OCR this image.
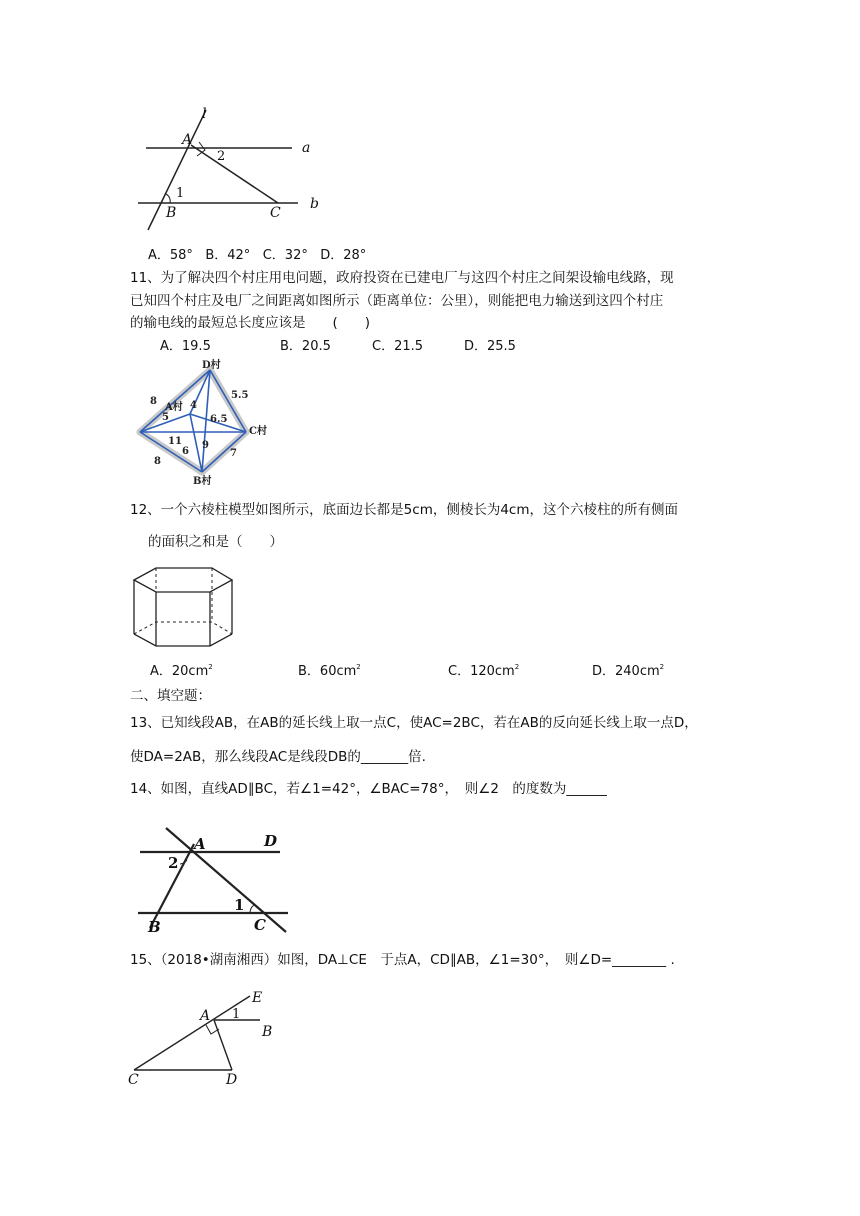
l
a
b
A
B	C
1
2
A．58° B．42° C．32° D．28°
11、为了解决四个村庄用电问题，政府投资在已建电厂与这四个村庄之间架设输电线路，现
已知四个村庄及电厂之间距离如图所示（距离单位：公里），则能把电力输送到这四个村庄
的输电线的最短总长度应该是　　(　　)
A．19.5	B．20.5	C．21.5	D．25.5
D村
A村
C村
B村
5.5
8
5
4
6.5
11
6
9
7
8
12、一个六棱柱模型如图所示，底面边长都是5cm，侧棱长为4cm，这个六棱柱的所有侧面
的面积之和是（　　）
A．$20cm^2$	B．$60cm^2$	C．$120cm^2$	D．$240cm^2$
二、填空题：
13、已知线段AB，在AB的延长线上取一点C，使AC=2BC，若在AB的反向延长线上取一点D，
使DA=2AB，那么线段AC是线段DB的_______倍.
14、如图，直线AD∥BC，若∠1=42°，∠BAC=78°，　则∠2　的度数为______
A	D
B	C
2
1
15、（2018•湖南湘西）如图，DA⊥CE　于点A，CD∥AB，∠1=30°，　则∠D=________ .
E
A 1
B
C	D
